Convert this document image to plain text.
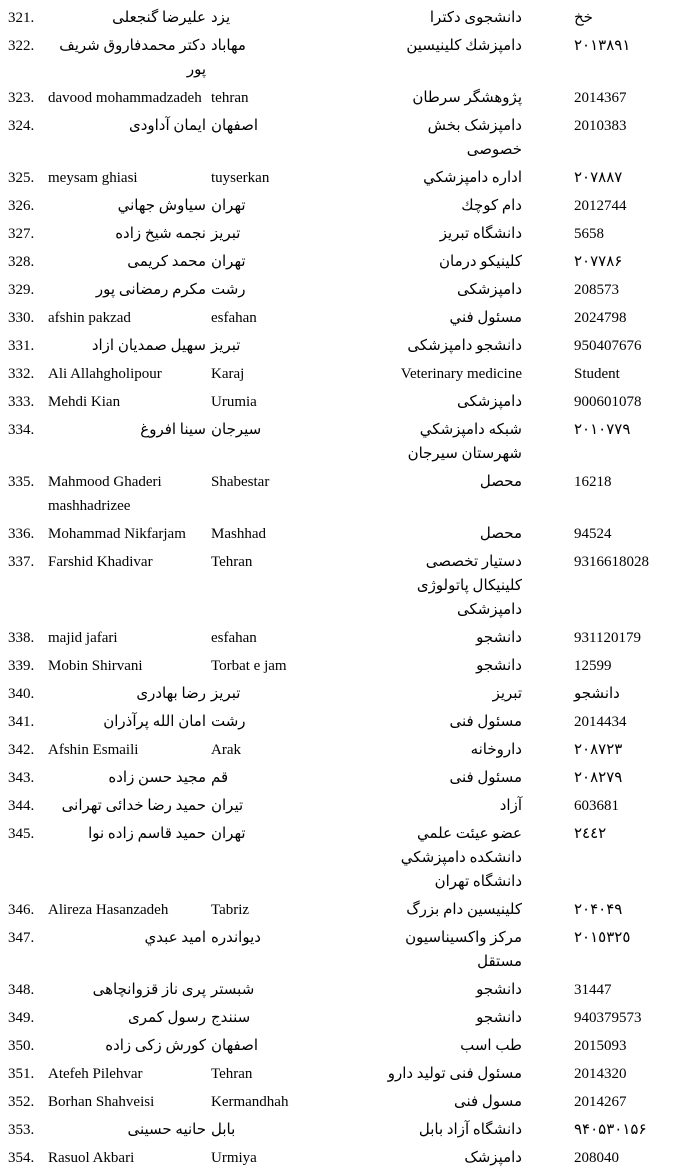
321.	علیرضا گنجعلی	یزد	دانشجوی دکترا	خخ
322.	دکتر محمدفاروق شریف پور	مهاباد	دامپزشك كلينيسين	۲۰۱۳۸۹۱
323.	davood mohammadzadeh	tehran	پژوهشگر سرطان	2014367
324.	ایمان آداودی	اصفهان	دامپزشک بخش خصوصی	2010383
325.	meysam ghiasi	tuyserkan	اداره دامپزشكي	۲۰۷۸۸۷
326.	سياوش جهاني	تهران	دام کوچك	2012744
327.	نجمه شیخ زاده	تبریز	دانشگاه تبریز	5658
328.	محمد کریمی	تهران	كلينيكو درمان	۲۰۷۷۸۶
329.	مکرم رمضانی پور	رشت	دامپزشکی	208573
330.	afshin pakzad	esfahan	مسئول فني	2024798
331.	سهیل صمدیان ازاد	تبریز	دانشجو دامپزشکی	950407676
332.	Ali Allahgholipour	Karaj	Veterinary medicine	Student
333.	Mehdi Kian	Urumia	دامپزشکی	900601078
334.	سینا افروغ	سیرجان	شبکه دامپزشكي شهرستان سیرجان	۲۰۱۰۷۷۹
335.	Mahmood Ghaderi mashhadrizee	Shabestar	محصل	16218
336.	Mohammad Nikfarjam	Mashhad	محصل	94524
337.	Farshid Khadivar	Tehran	دستیار تخصصی کلینیکال پاتولوژی دامپزشکی	9316618028
338.	majid jafari	esfahan	دانشجو	931120179
339.	Mobin Shirvani	Torbat e jam	دانشجو	12599
340.	رضا بهادری	تبریز	تبریز	دانشجو
341.	امان الله پرآذران	رشت	مسئول فنی	2014434
342.	Afshin Esmaili	Arak	داروخانه	۲۰۸۷۲۳
343.	مجید حسن زاده	قم	مسئول فنی	۲۰۸۲۷۹
344.	حمید رضا خدائی تهرانی	تیران	آزاد	603681
345.	حمید قاسم زاده نوا	تهران	عضو عيئت علمي دانشكده دامپزشكي دانشگاه تهران	٢٤٤٢
346.	Alireza Hasanzadeh	Tabriz	کلینیسین دام بزرگ	۲۰۴۰۴۹
347.	امید عبدي	دیواندره	مرکز واکسیناسیون مستقل	٢٠١٥٣٢٥
348.	پری ناز قزوانچاهی	شبستر	دانشجو	31447
349.	رسول کمری	سنندج	دانشجو	940379573
350.	کورش زکی زاده	اصفهان	طب اسب	2015093
351.	Atefeh Pilehvar	Tehran	مسئول فنی تولید دارو	2014320
352.	Borhan Shahveisi	Kermandhah	مسول فنی	2014267
353.	حانیه حسینی	بابل	دانشگاه آزاد بابل	۹۴۰۵۳۰۱۵۶
354.	Rasuol Akbari	Urmiya	دامپزشک	208040
